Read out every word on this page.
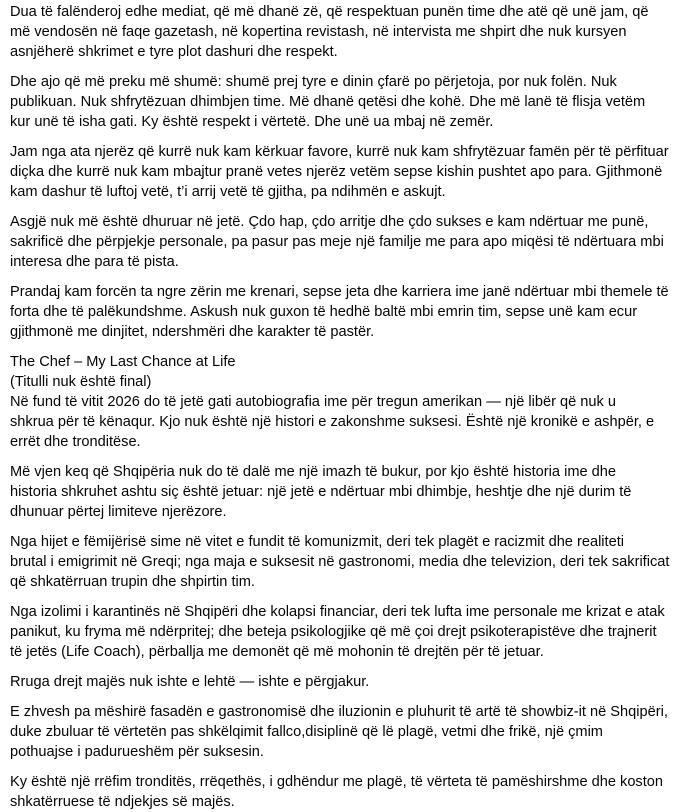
Dua të falënderoj edhe mediat, që më dhanë zë, që respektuan punën time dhe atë që unë jam, që
më vendosën në faqe gazetash, në kopertina revistash, në intervista me shpirt dhe nuk kursyen
asnjëherë shkrimet e tyre plot dashuri dhe respekt.

Dhe ajo që më preku më shumë: shumë prej tyre e dinin çfarë po përjetoja, por nuk folën. Nuk
publikuan. Nuk shfrytëzuan dhimbjen time. Më dhanë qetësi dhe kohë. Dhe më lanë të flisja vetëm
kur unë të isha gati. Ky është respekt i vërtetë. Dhe unë ua mbaj në zemër.

Jam nga ata njerëz që kurrë nuk kam kërkuar favore, kurrë nuk kam shfrytëzuar famën për të përfituar
diçka dhe kurrë nuk kam mbajtur pranë vetes njerëz vetëm sepse kishin pushtet apo para. Gjithmonë
kam dashur të luftoj vetë, t’i arrij vetë të gjitha, pa ndihmën e askujt.

Asgjë nuk më është dhuruar në jetë. Çdo hap, çdo arritje dhe çdo sukses e kam ndërtuar me punë,
sakrificë dhe përpjekje personale, pa pasur pas meje një familje me para apo miqësi të ndërtuara mbi
interesa dhe para të pista.

Prandaj kam forcën ta ngre zërin me krenari, sepse jeta dhe karriera ime janë ndërtuar mbi themele të
forta dhe të palëkundshme. Askush nuk guxon të hedhë baltë mbi emrin tim, sepse unë kam ecur
gjithmonë me dinjitet, ndershmëri dhe karakter të pastër.

The Chef – My Last Chance at Life
(Titulli nuk është final)
Në fund të vitit 2026 do të jetë gati autobiografia ime për tregun amerikan — një libër që nuk u
shkrua për të kënaqur. Kjo nuk është një histori e zakonshme suksesi. Është një kronikë e ashpër, e
errët dhe tronditëse.

Më vjen keq që Shqipëria nuk do të dalë me një imazh të bukur, por kjo është historia ime dhe
historia shkruhet ashtu siç është jetuar: një jetë e ndërtuar mbi dhimbje, heshtje dhe një durim të
dhunuar përtej limiteve njerëzore.

Nga hijet e fëmijërisë sime në vitet e fundit të komunizmit, deri tek plagët e racizmit dhe realiteti
brutal i emigrimit në Greqi; nga maja e suksesit në gastronomi, media dhe televizion, deri tek sakrificat
që shkatërruan trupin dhe shpirtin tim.

Nga izolimi i karantinës në Shqipëri dhe kolapsi financiar, deri tek lufta ime personale me krizat e atak
panikut, ku fryma më ndërpritej; dhe beteja psikologjike që më çoi drejt psikoterapistëve dhe trajnerit
të jetës (Life Coach), përballja me demonët që më mohonin të drejtën për të jetuar.

Rruga drejt majës nuk ishte e lehtë — ishte e përgjakur.

E zhvesh pa mëshirë fasadën e gastronomisë dhe iluzionin e pluhurit të artë të showbiz-it në Shqipëri,
duke zbuluar të vërtetën pas shkëlqimit fallco,disiplinë që lë plagë, vetmi dhe frikë, një çmim
pothuajse i padurueshëm për suksesin.

Ky është një rrëfim tronditës, rrëqethës, i gdhëndur me plagë, të vërteta të pamëshirshme dhe koston
shkatërruese të ndjekjes së majës.
